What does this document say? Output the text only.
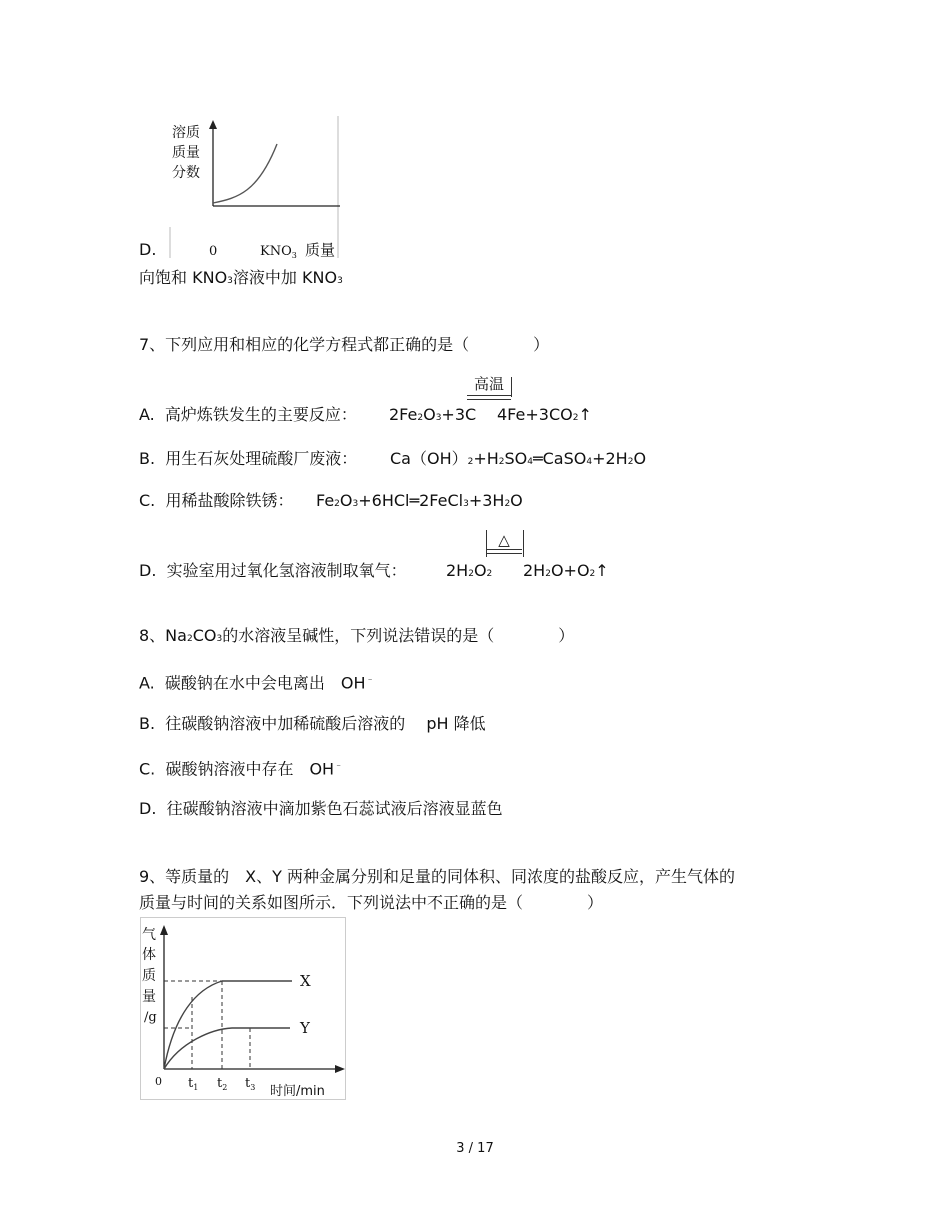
溶质
质量
分数
0	$KNO_3$ 质量
D.
向饱和 KNO3溶液中加 KNO3
7、下列应用和相应的化学方程式都正确的是（　　　　）
高温
A. 高炉炼铁发生的主要反应： 2Fe2O3+3C 4Fe+3CO2↑
B. 用生石灰处理硫酸厂废液： Ca（OH）2+H2SO4═CaSO4+2H2O
C. 用稀盐酸除铁锈： Fe2O3+6HCl═2FeCl3+3H2O
△
D. 实验室用过氧化氢溶液制取氧气： 2H2O2 2H2O+O2↑
8、Na2CO3的水溶液呈碱性，下列说法错误的是（　　　　）
A. 碳酸钠在水中会电离出　OH﹣
B. 往碳酸钠溶液中加稀硫酸后溶液的　 pH 降低
C. 碳酸钠溶液中存在　OH﹣
D. 往碳酸钠溶液中滴加紫色石蕊试液后溶液显蓝色
9、等质量的　X、Y 两种金属分别和足量的同体积、同浓度的盐酸反应，产生气体的
质量与时间的关系如图所示．下列说法中不正确的是（　　　　）
X
Y
气
体
质
量
/g
0 $t_1$ $t_2$ $t_3$ 时间/min
3 / 17
